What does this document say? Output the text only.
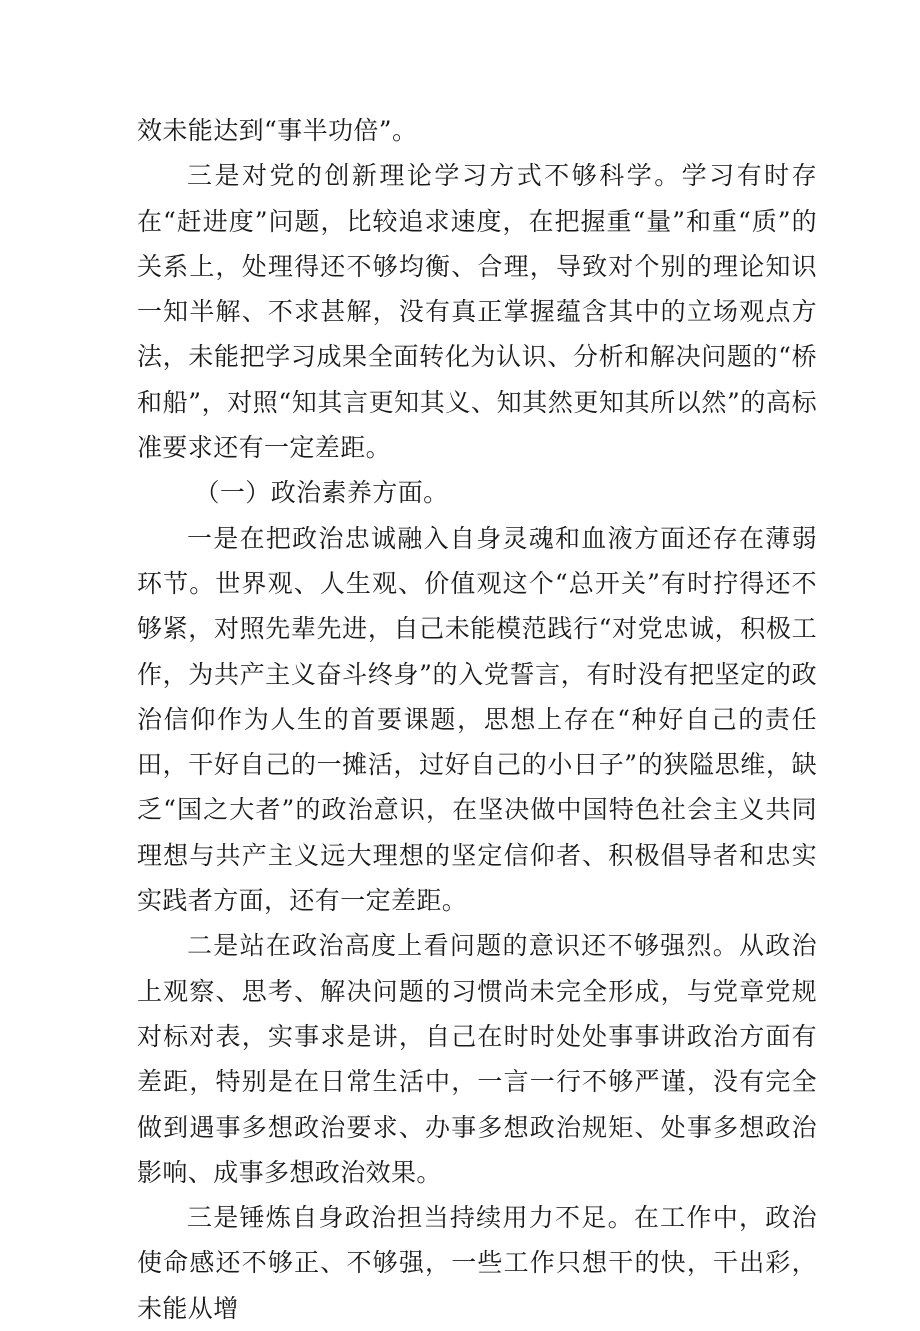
效未能达到“事半功倍”。

三是对党的创新理论学习方式不够科学。学习有时存在“赶进度”问题，比较追求速度，在把握重“量”和重“质”的关系上，处理得还不够均衡、合理，导致对个别的理论知识一知半解、不求甚解，没有真正掌握蕴含其中的立场观点方法，未能把学习成果全面转化为认识、分析和解决问题的“桥和船”，对照“知其言更知其义、知其然更知其所以然”的高标准要求还有一定差距。

（一）政治素养方面。

一是在把政治忠诚融入自身灵魂和血液方面还存在薄弱环节。世界观、人生观、价值观这个“总开关”有时拧得还不够紧，对照先辈先进，自己未能模范践行“对党忠诚，积极工作，为共产主义奋斗终身”的入党誓言，有时没有把坚定的政治信仰作为人生的首要课题，思想上存在“种好自己的责任田，干好自己的一摊活，过好自己的小日子”的狭隘思维，缺乏“国之大者”的政治意识，在坚决做中国特色社会主义共同理想与共产主义远大理想的坚定信仰者、积极倡导者和忠实实践者方面，还有一定差距。

二是站在政治高度上看问题的意识还不够强烈。从政治上观察、思考、解决问题的习惯尚未完全形成，与党章党规对标对表，实事求是讲，自己在时时处处事事讲政治方面有差距，特别是在日常生活中，一言一行不够严谨，没有完全做到遇事多想政治要求、办事多想政治规矩、处事多想政治影响、成事多想政治效果。

三是锤炼自身政治担当持续用力不足。在工作中，政治使命感还不够正、不够强，一些工作只想干的快，干出彩，未能从增
